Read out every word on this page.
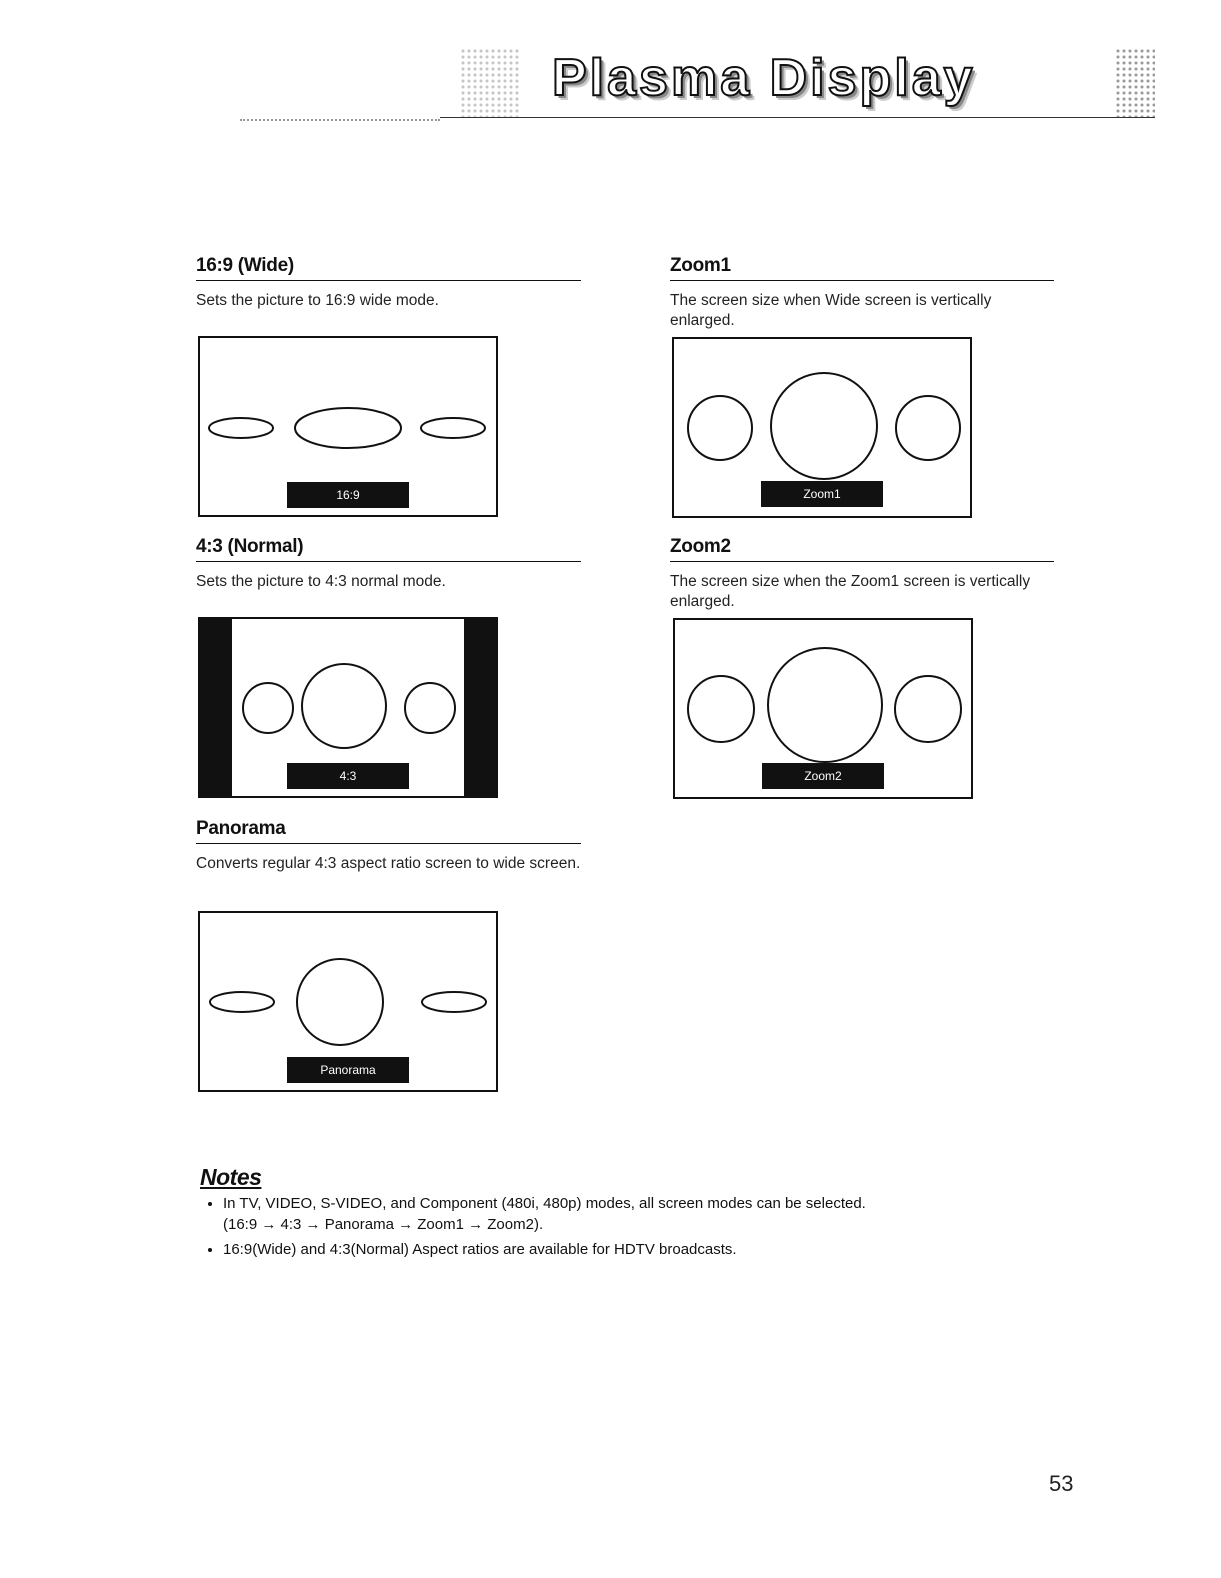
Plasma Display
16:9 (Wide)

Sets the picture to 16:9 wide mode.

16:9
4:3 (Normal)

Sets the picture to 4:3 normal mode.

4:3
Panorama

Converts regular 4:3 aspect ratio screen to wide screen.

Panorama
Zoom1

The screen size when Wide screen is vertically enlarged.

Zoom1
Zoom2

The screen size when the Zoom1 screen is vertically enlarged.

Zoom2
Notes
• In TV, VIDEO, S-VIDEO, and Component (480i, 480p) modes, all screen modes can be selected.
(16:9 → 4:3 → Panorama → Zoom1 → Zoom2).
• 16:9(Wide) and 4:3(Normal) Aspect ratios are available for HDTV broadcasts.
53
